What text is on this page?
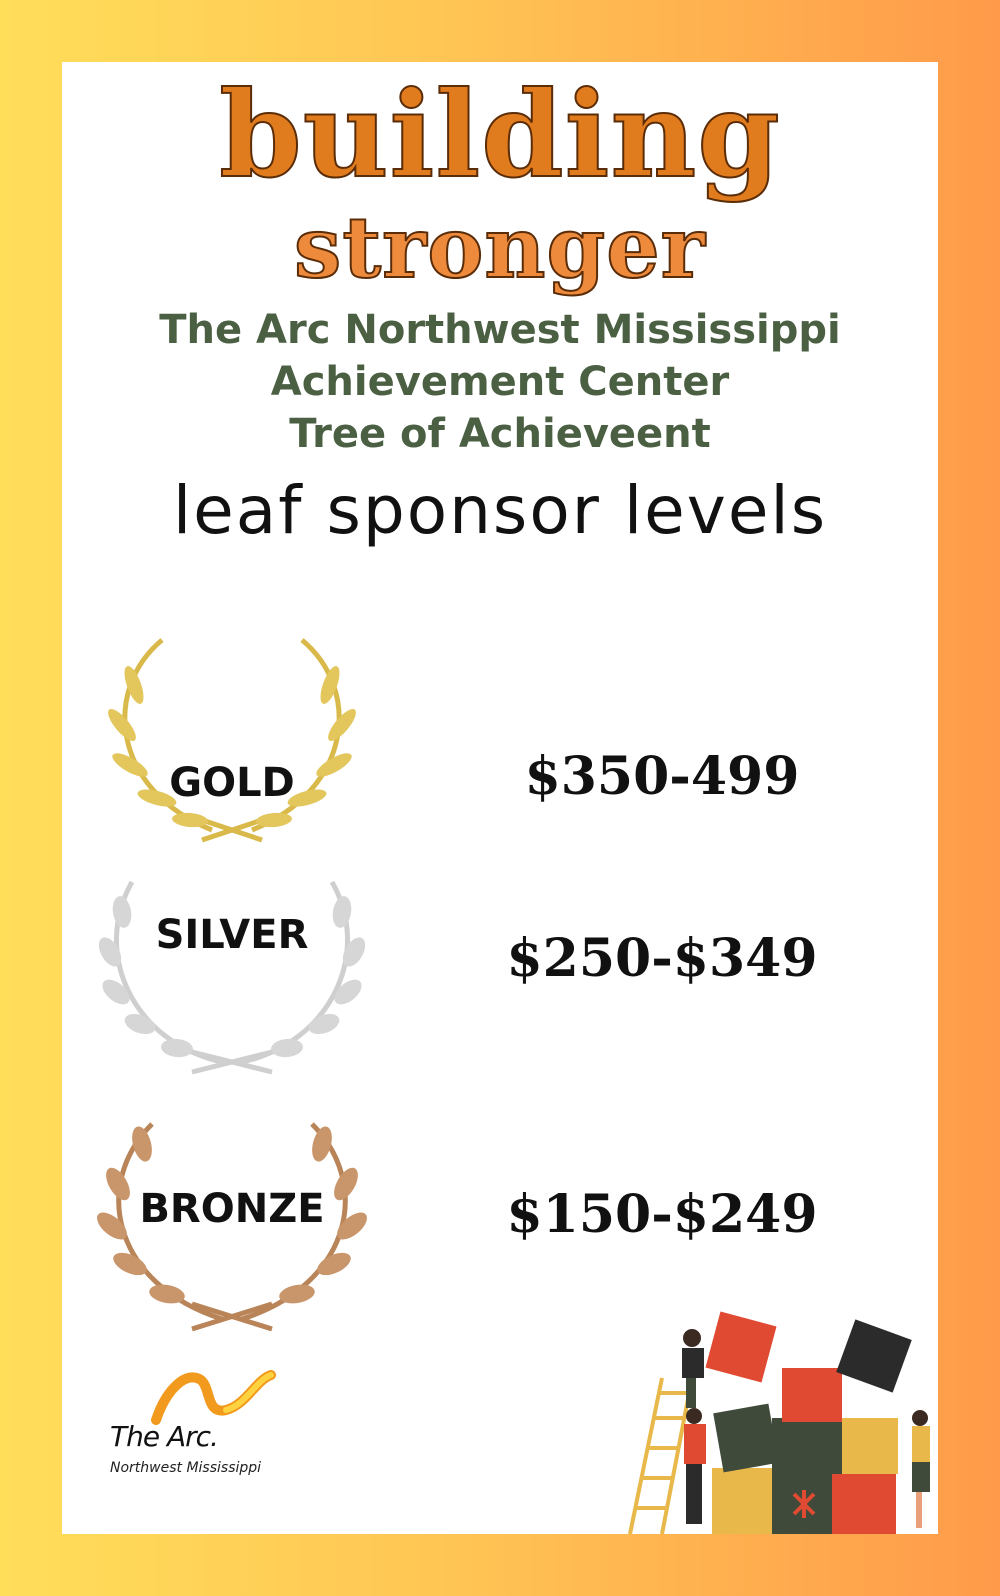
building
stronger
The Arc Northwest Mississippi
Achievement Center
Tree of Achieveent
leaf sponsor levels
GOLD	$350-499
SILVER	$250-$349
BRONZE	$150-$249
The Arc.
Northwest Mississippi
